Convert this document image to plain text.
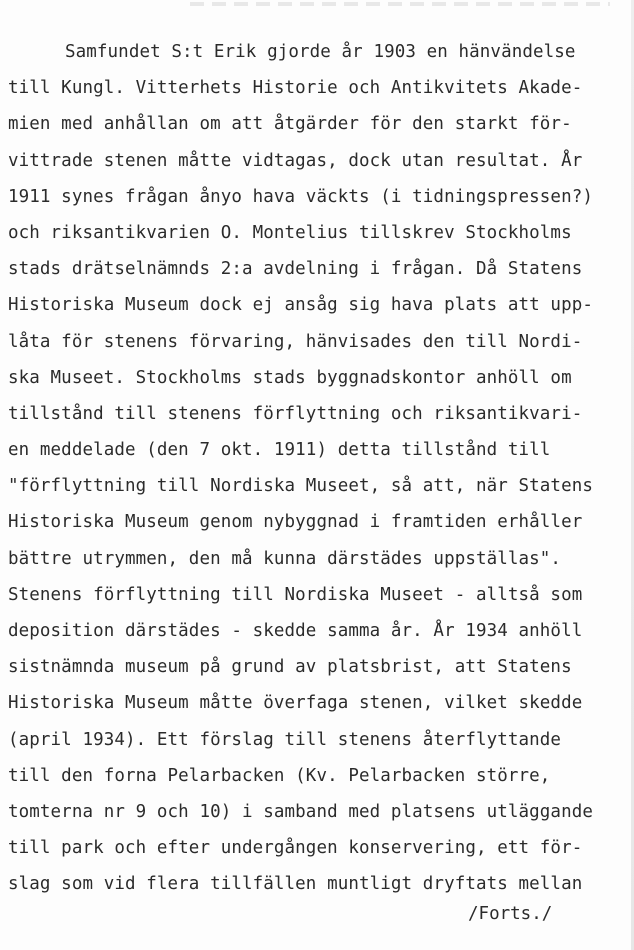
Samfundet S:t Erik gjorde år 1903 en hänvändelse
till Kungl. Vitterhets Historie och Antikvitets Akade-
mien med anhållan om att åtgärder för den starkt för-
vittrade stenen måtte vidtagas, dock utan resultat. År
1911 synes frågan ånyo hava väckts (i tidningspressen?)
och riksantikvarien O. Montelius tillskrev Stockholms
stads drätselnämnds 2:a avdelning i frågan. Då Statens
Historiska Museum dock ej ansåg sig hava plats att upp-
låta för stenens förvaring, hänvisades den till Nordi-
ska Museet. Stockholms stads byggnadskontor anhöll om
tillstånd till stenens förflyttning och riksantikvari-
en meddelade (den 7 okt. 1911) detta tillstånd till
"förflyttning till Nordiska Museet, så att, när Statens
Historiska Museum genom nybyggnad i framtiden erhåller
bättre utrymmen, den må kunna därstädes uppställas".
Stenens förflyttning till Nordiska Museet - alltså som
deposition därstädes - skedde samma år. År 1934 anhöll
sistnämnda museum på grund av platsbrist, att Statens
Historiska Museum måtte överfaga stenen, vilket skedde
(april 1934). Ett förslag till stenens återflyttande
till den forna Pelarbacken (Kv. Pelarbacken större,
tomterna nr 9 och 10) i samband med platsens utläggande
till park och efter undergången konservering, ett för-
slag som vid flera tillfällen muntligt dryftats mellan
/Forts./
